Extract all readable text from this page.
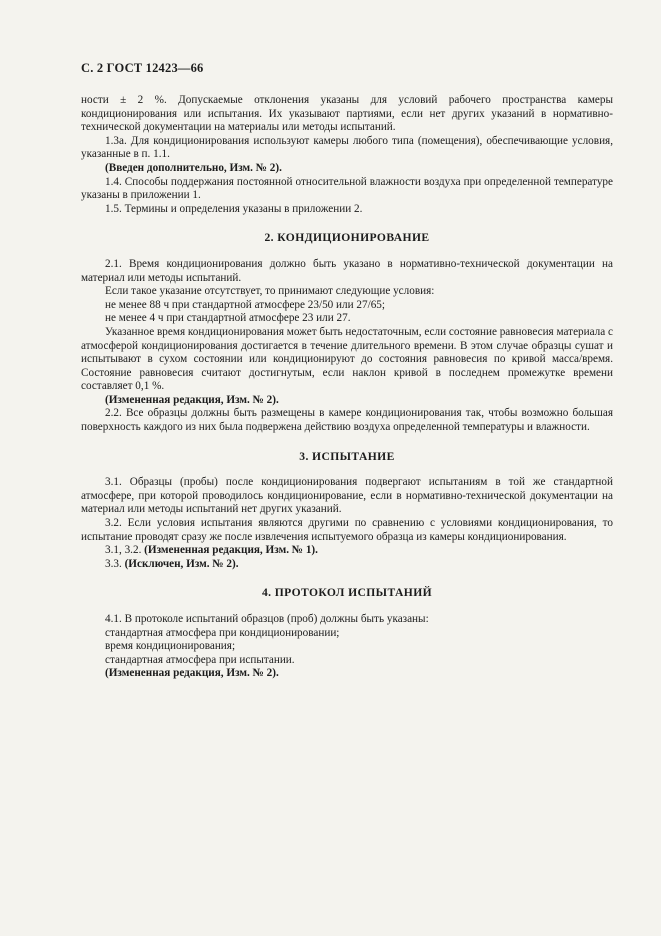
С. 2 ГОСТ 12423—66

ности ± 2 %. Допускаемые отклонения указаны для условий рабочего пространства камеры кондиционирования или испытания. Их указывают партиями, если нет других указаний в нормативно-технической документации на материалы или методы испытаний.

1.3а. Для кондиционирования используют камеры любого типа (помещения), обеспечивающие условия, указанные в п. 1.1.

(Введен дополнительно, Изм. № 2).

1.4. Способы поддержания постоянной относительной влажности воздуха при определенной температуре указаны в приложении 1.

1.5. Термины и определения указаны в приложении 2.

2. КОНДИЦИОНИРОВАНИЕ

2.1. Время кондиционирования должно быть указано в нормативно-технической документации на материал или методы испытаний.

Если такое указание отсутствует, то принимают следующие условия:

не менее 88 ч при стандартной атмосфере 23/50 или 27/65;

не менее 4 ч при стандартной атмосфере 23 или 27.

Указанное время кондиционирования может быть недостаточным, если состояние равновесия материала с атмосферой кондиционирования достигается в течение длительного времени. В этом случае образцы сушат и испытывают в сухом состоянии или кондиционируют до состояния равновесия по кривой масса/время. Состояние равновесия считают достигнутым, если наклон кривой в последнем промежутке времени составляет 0,1 %.

(Измененная редакция, Изм. № 2).

2.2. Все образцы должны быть размещены в камере кондиционирования так, чтобы возможно большая поверхность каждого из них была подвержена действию воздуха определенной температуры и влажности.

3. ИСПЫТАНИЕ

3.1. Образцы (пробы) после кондиционирования подвергают испытаниям в той же стандартной атмосфере, при которой проводилось кондиционирование, если в нормативно-технической документации на материал или методы испытаний нет других указаний.

3.2. Если условия испытания являются другими по сравнению с условиями кондиционирования, то испытание проводят сразу же после извлечения испытуемого образца из камеры кондиционирования.

3.1, 3.2. (Измененная редакция, Изм. № 1).

3.3. (Исключен, Изм. № 2).

4. ПРОТОКОЛ ИСПЫТАНИЙ

4.1. В протоколе испытаний образцов (проб) должны быть указаны:

стандартная атмосфера при кондиционировании;

время кондиционирования;

стандартная атмосфера при испытании.

(Измененная редакция, Изм. № 2).
